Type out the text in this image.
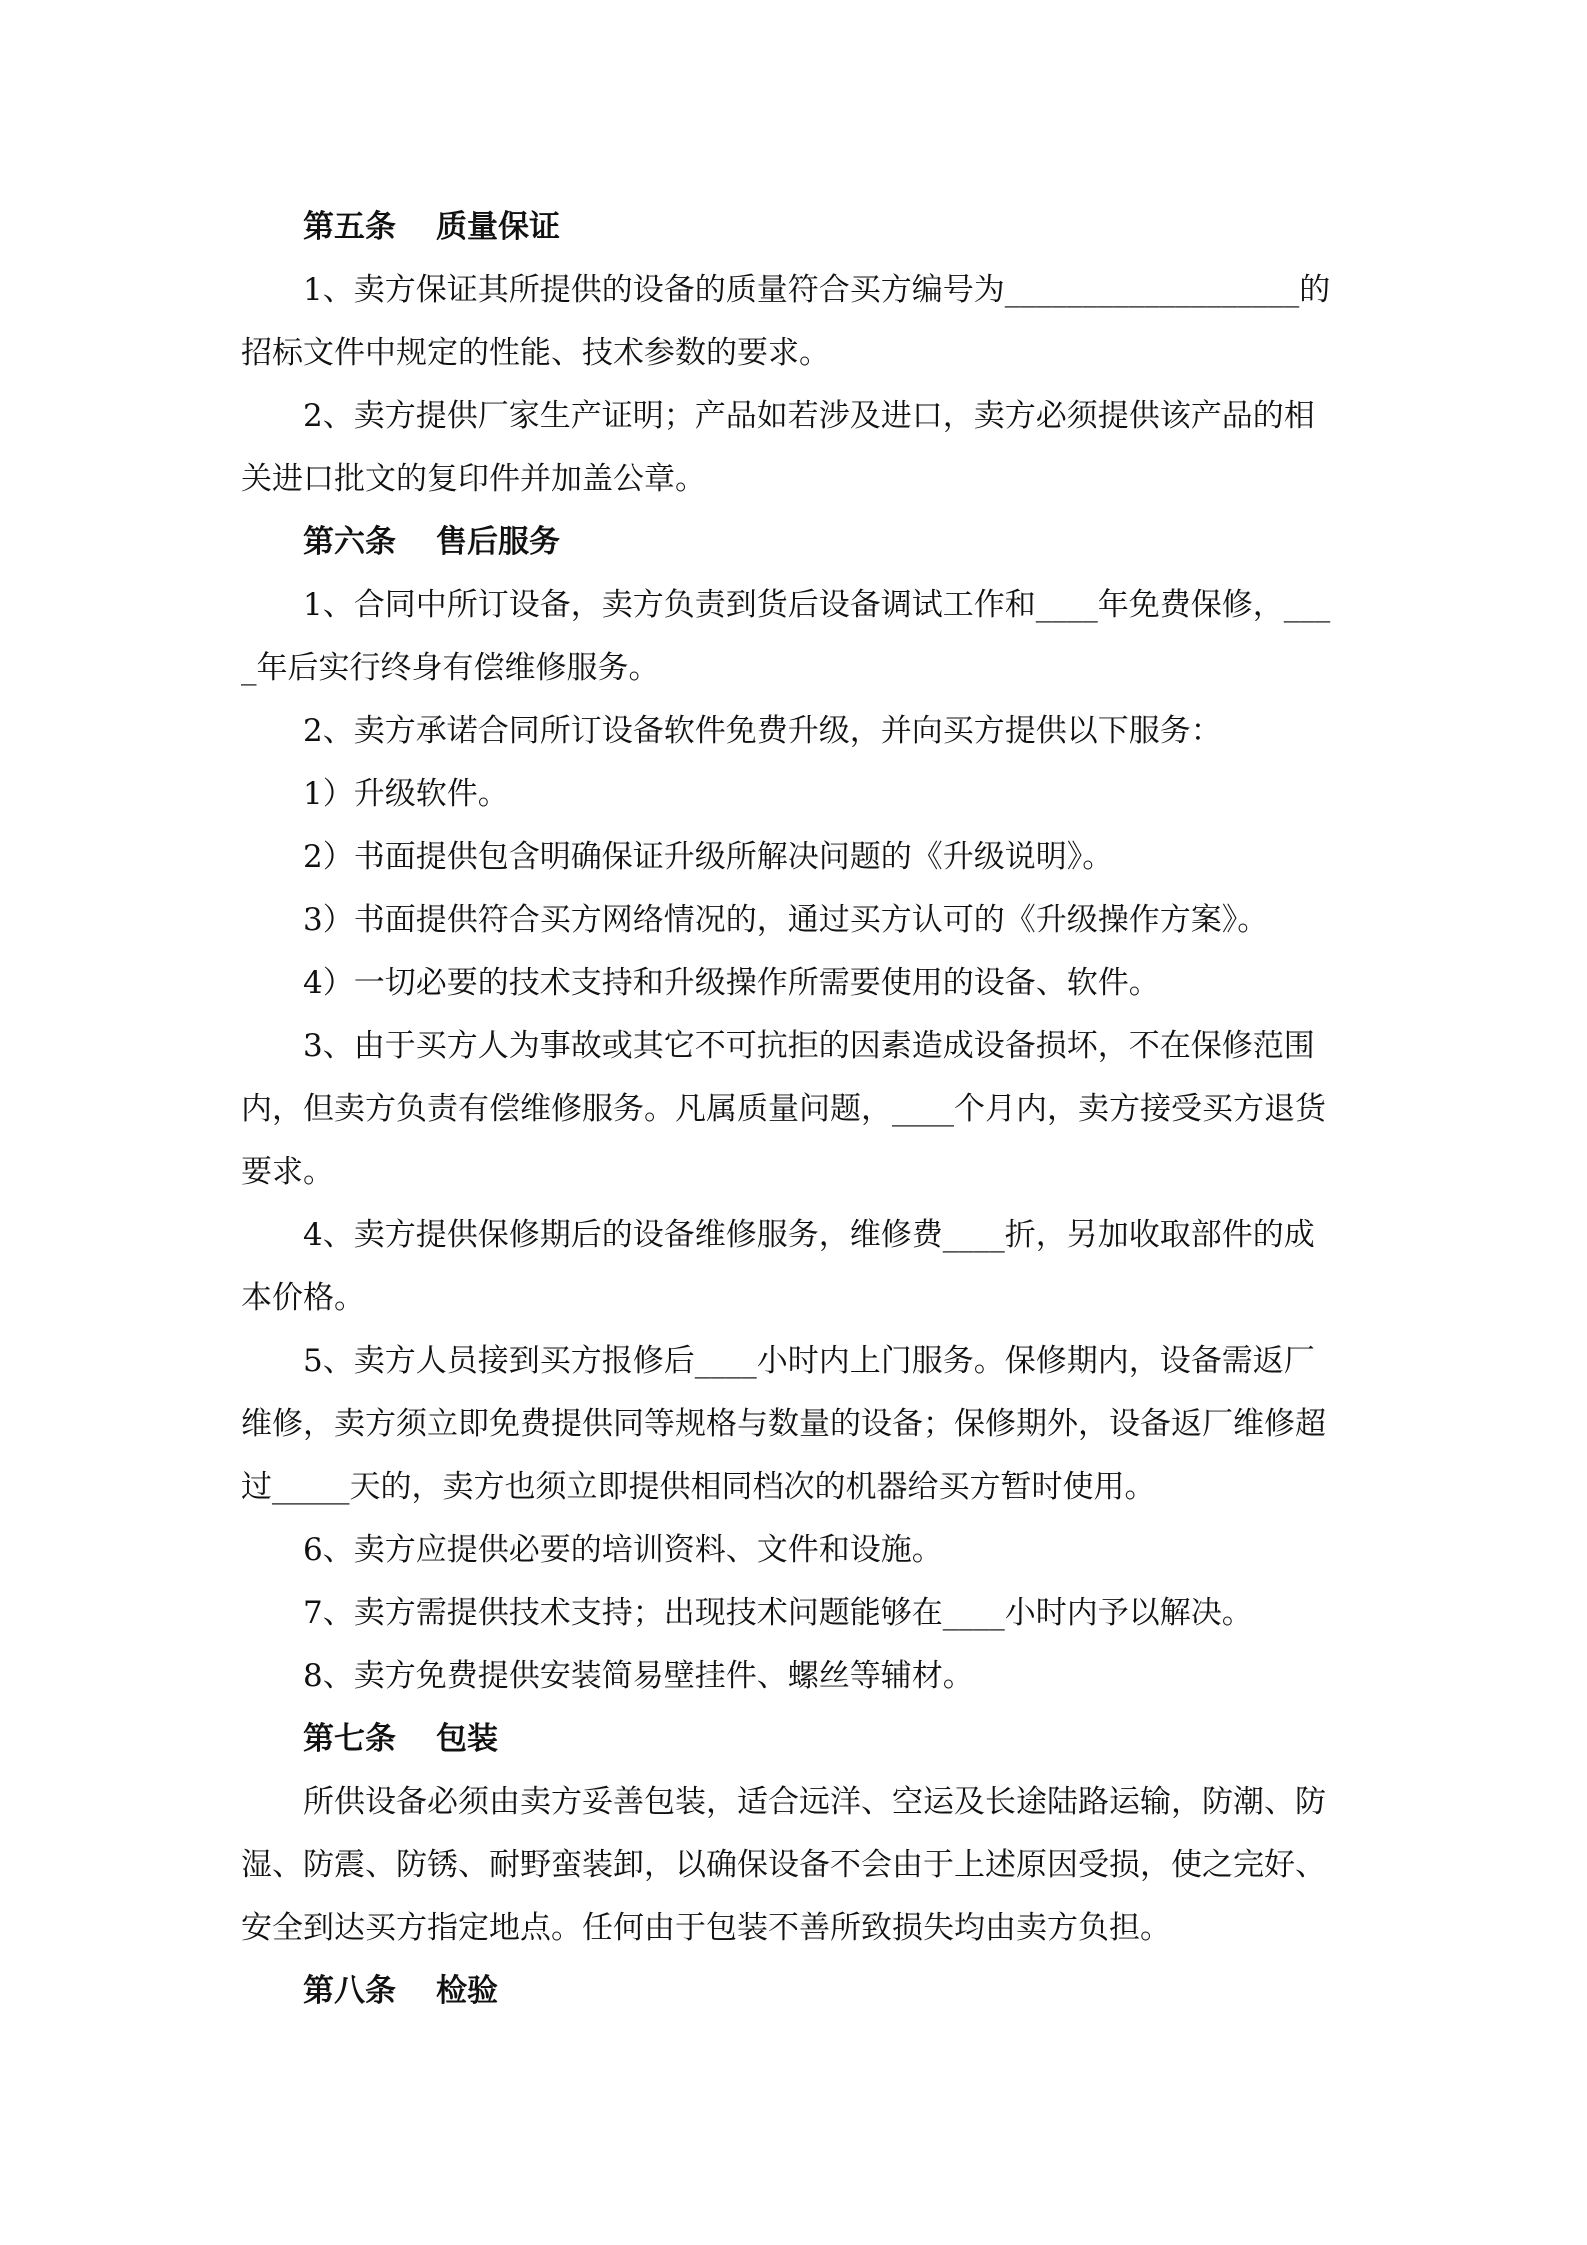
第五条 质量保证
1、卖方保证其所提供的设备的质量符合买方编号为___________________的
招标文件中规定的性能、技术参数的要求。
2、卖方提供厂家生产证明；产品如若涉及进口，卖方必须提供该产品的相
关进口批文的复印件并加盖公章。
第六条 售后服务
1、合同中所订设备，卖方负责到货后设备调试工作和____年免费保修，___
_年后实行终身有偿维修服务。
2、卖方承诺合同所订设备软件免费升级，并向买方提供以下服务：
1）升级软件。
2）书面提供包含明确保证升级所解决问题的《升级说明》。
3）书面提供符合买方网络情况的，通过买方认可的《升级操作方案》。
4）一切必要的技术支持和升级操作所需要使用的设备、软件。
3、由于买方人为事故或其它不可抗拒的因素造成设备损坏，不在保修范围
内，但卖方负责有偿维修服务。凡属质量问题，____个月内，卖方接受买方退货
要求。
4、卖方提供保修期后的设备维修服务，维修费____折，另加收取部件的成
本价格。
5、卖方人员接到买方报修后____小时内上门服务。保修期内，设备需返厂
维修，卖方须立即免费提供同等规格与数量的设备；保修期外，设备返厂维修超
过_____天的，卖方也须立即提供相同档次的机器给买方暂时使用。
6、卖方应提供必要的培训资料、文件和设施。
7、卖方需提供技术支持；出现技术问题能够在____小时内予以解决。
8、卖方免费提供安装简易壁挂件、螺丝等辅材。
第七条 包装
所供设备必须由卖方妥善包装，适合远洋、空运及长途陆路运输，防潮、防
湿、防震、防锈、耐野蛮装卸，以确保设备不会由于上述原因受损，使之完好、
安全到达买方指定地点。任何由于包装不善所致损失均由卖方负担。
第八条 检验
